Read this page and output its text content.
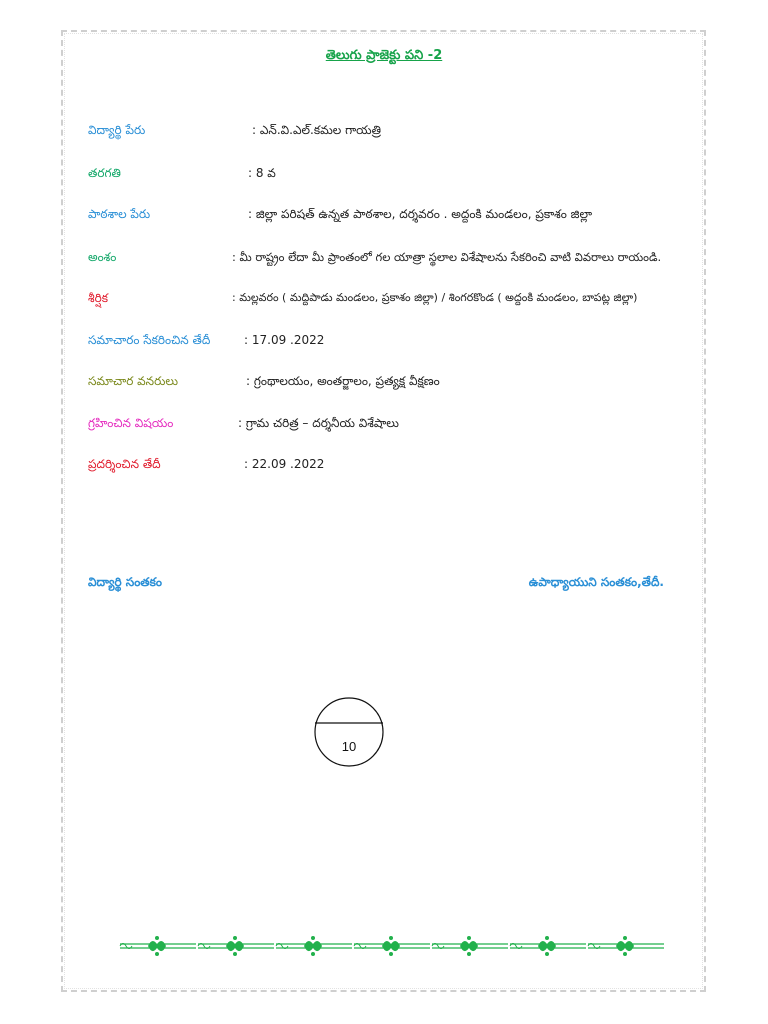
తెలుగు ప్రాజెక్టు పని -2
విద్యార్థి పేరు	: ఎన్.వి.ఎల్.కమల గాయత్రి
తరగతి	: 8 వ
పాఠశాల పేరు	: జిల్లా పరిషత్ ఉన్నత పాఠశాల, దర్శవరం . అద్దంకి మండలం, ప్రకాశం జిల్లా
అంశం	: మీ రాష్ట్రం లేదా మీ ప్రాంతంలో గల యాత్రా స్థలాల విశేషాలను సేకరించి వాటి వివరాలు రాయండి.
శీర్షిక	: మల్లవరం ( మద్దిపాడు మండలం, ప్రకాశం జిల్లా) / శింగరకొండ ( అద్దంకి మండలం, బాపట్ల జిల్లా)
సమాచారం సేకరించిన తేదీ	: 17.09 .2022
సమాచార వనరులు	: గ్రంథాలయం, అంతర్జాలం, ప్రత్యక్ష వీక్షణం
గ్రహించిన విషయం	: గ్రామ చరిత్ర – దర్శనీయ విశేషాలు
ప్రదర్శించిన తేదీ	: 22.09 .2022
విద్యార్థి సంతకం	ఉపాధ్యాయుని సంతకం,తేదీ.
10
